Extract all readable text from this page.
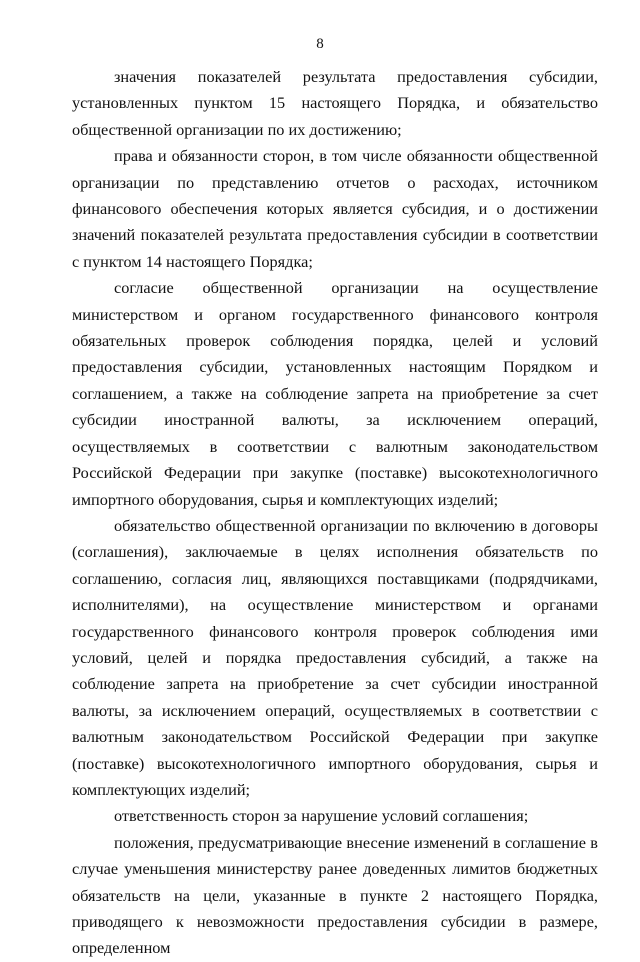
8

значения показателей результата предоставления субсидии, установленных пунктом 15 настоящего Порядка, и обязательство общественной организации по их достижению;

права и обязанности сторон, в том числе обязанности общественной организации по представлению отчетов о расходах, источником финансового обеспечения которых является субсидия, и о достижении значений показателей результата предоставления субсидии в соответствии с пунктом 14 настоящего Порядка;

согласие общественной организации на осуществление министерством и органом государственного финансового контроля обязательных проверок соблюдения порядка, целей и условий предоставления субсидии, установленных настоящим Порядком и соглашением, а также на соблюдение запрета на приобретение за счет субсидии иностранной валюты, за исключением операций, осуществляемых в соответствии с валютным законодательством Российской Федерации при закупке (поставке) высокотехнологичного импортного оборудования, сырья и комплектующих изделий;

обязательство общественной организации по включению в договоры (соглашения), заключаемые в целях исполнения обязательств по соглашению, согласия лиц, являющихся поставщиками (подрядчиками, исполнителями), на осуществление министерством и органами государственного финансового контроля проверок соблюдения ими условий, целей и порядка предоставления субсидий, а также на соблюдение запрета на приобретение за счет субсидии иностранной валюты, за исключением операций, осуществляемых в соответствии с валютным законодательством Российской Федерации при закупке (поставке) высокотехнологичного импортного оборудования, сырья и комплектующих изделий;

ответственность сторон за нарушение условий соглашения;

положения, предусматривающие внесение изменений в соглашение в случае уменьшения министерству ранее доведенных лимитов бюджетных обязательств на цели, указанные в пункте 2 настоящего Порядка, приводящего к невозможности предоставления субсидии в размере, определенном
